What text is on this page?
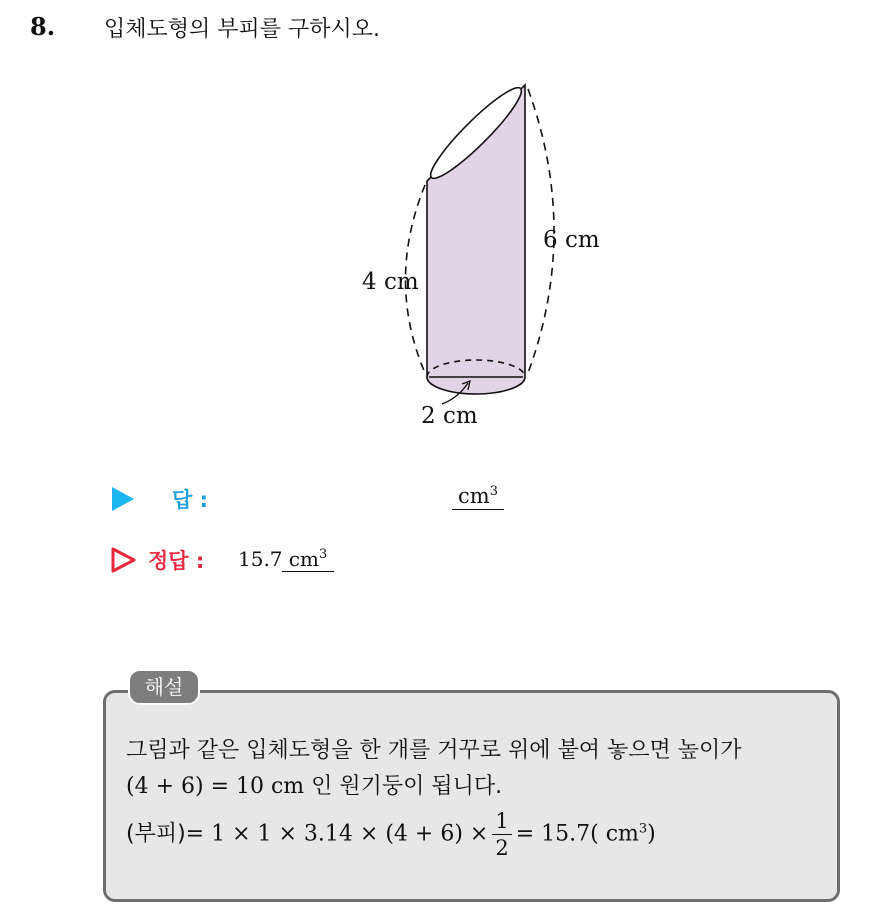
8. 입체도형의 부피를 구하시오.
4 cm
6 cm
2 cm
답 :	$cm^3$
정답 : 15.7 $cm^3$
해설
그림과 같은 입체도형을 한 개를 거꾸로 위에 붙여 놓으면 높이가
(4 + 6) = 10 cm 인 원기둥이 됩니다.
(부피)= $1 \times 1 \times 3.14 \times (4 + 6) \times \frac{1}{2} = 15.7$( $cm^3$)
